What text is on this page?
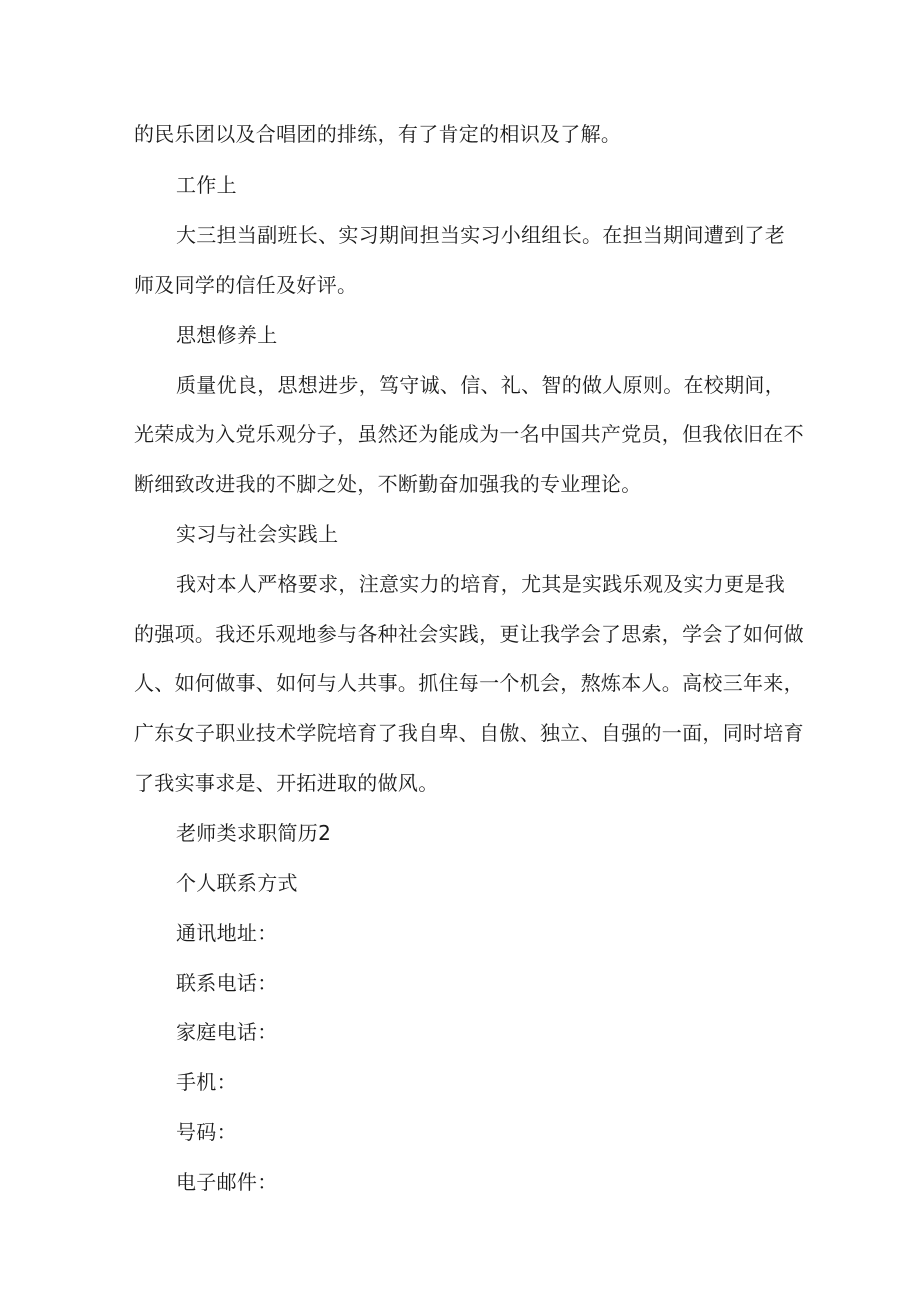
的民乐团以及合唱团的排练，有了肯定的相识及了解。
工作上
大三担当副班长、实习期间担当实习小组组长。在担当期间遭到了老
师及同学的信任及好评。
思想修养上
质量优良，思想进步，笃守诚、信、礼、智的做人原则。在校期间，
光荣成为入党乐观分子，虽然还为能成为一名中国共产党员，但我依旧在不
断细致改进我的不脚之处，不断勤奋加强我的专业理论。
实习与社会实践上
我对本人严格要求，注意实力的培育，尤其是实践乐观及实力更是我
的强项。我还乐观地参与各种社会实践，更让我学会了思索，学会了如何做
人、如何做事、如何与人共事。抓住每一个机会，熬炼本人。高校三年来，
广东女子职业技术学院培育了我自卑、自傲、独立、自强的一面，同时培育
了我实事求是、开拓进取的做风。
老师类求职简历2
个人联系方式
通讯地址：
联系电话：
家庭电话：
手机：
号码：
电子邮件：
